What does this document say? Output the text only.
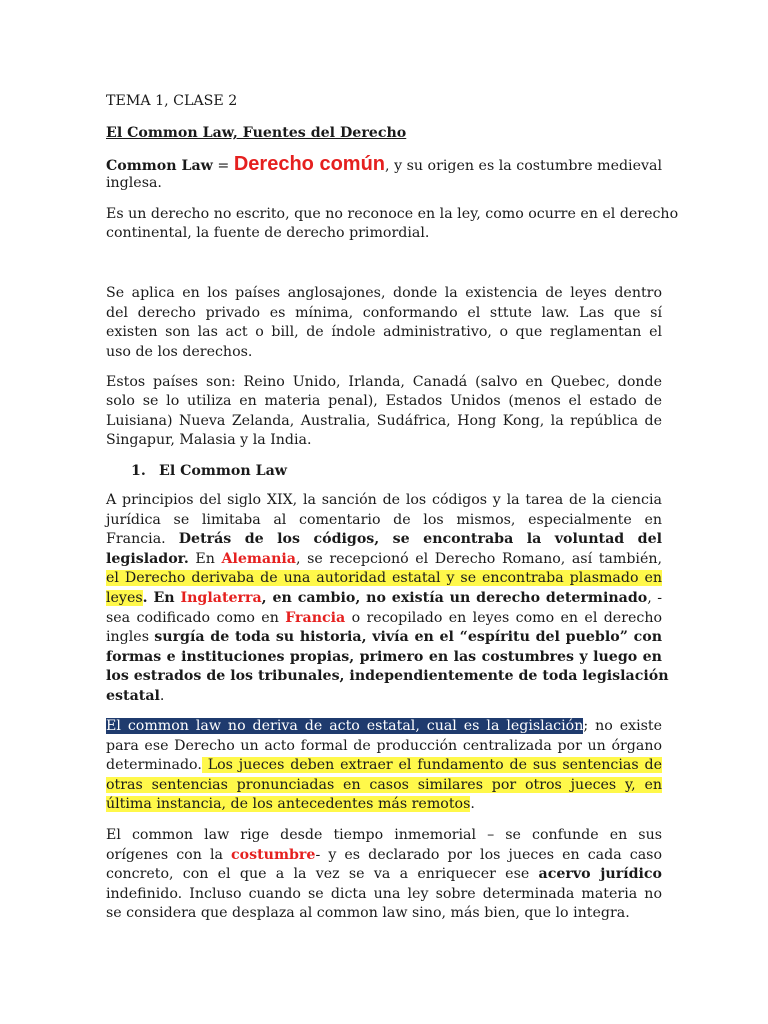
TEMA 1, CLASE 2
El Common Law, Fuentes del Derecho
Common Law = Derecho común, y su origen es la costumbre medieval
inglesa.
Es un derecho no escrito, que no reconoce en la ley, como ocurre en el derecho
continental, la fuente de derecho primordial.
Se aplica en los países anglosajones, donde la existencia de leyes dentro
del derecho privado es mínima, conformando el sttute law. Las que sí
existen son las act o bill, de índole administrativo, o que reglamentan el
uso de los derechos.
Estos países son: Reino Unido, Irlanda, Canadá (salvo en Quebec, donde
solo se lo utiliza en materia penal), Estados Unidos (menos el estado de
Luisiana) Nueva Zelanda, Australia, Sudáfrica, Hong Kong, la república de
Singapur, Malasia y la India.
1. El Common Law
A principios del siglo XIX, la sanción de los códigos y la tarea de la ciencia
jurídica se limitaba al comentario de los mismos, especialmente en
Francia. Detrás de los códigos, se encontraba la voluntad del
legislador. En Alemania, se recepcionó el Derecho Romano, así también,
el Derecho derivaba de una autoridad estatal y se encontraba plasmado en
leyes. En Inglaterra, en cambio, no existía un derecho determinado, -
sea codificado como en Francia o recopilado en leyes como en el derecho
ingles surgía de toda su historia, vivía en el “espíritu del pueblo” con
formas e instituciones propias, primero en las costumbres y luego en
los estrados de los tribunales, independientemente de toda legislación
estatal.
El common law no deriva de acto estatal, cual es la legislación; no existe
para ese Derecho un acto formal de producción centralizada por un órgano
determinado. Los jueces deben extraer el fundamento de sus sentencias de
otras sentencias pronunciadas en casos similares por otros jueces y, en
última instancia, de los antecedentes más remotos.
El common law rige desde tiempo inmemorial – se confunde en sus
orígenes con la costumbre- y es declarado por los jueces en cada caso
concreto, con el que a la vez se va a enriquecer ese acervo jurídico
indefinido. Incluso cuando se dicta una ley sobre determinada materia no
se considera que desplaza al common law sino, más bien, que lo integra.
